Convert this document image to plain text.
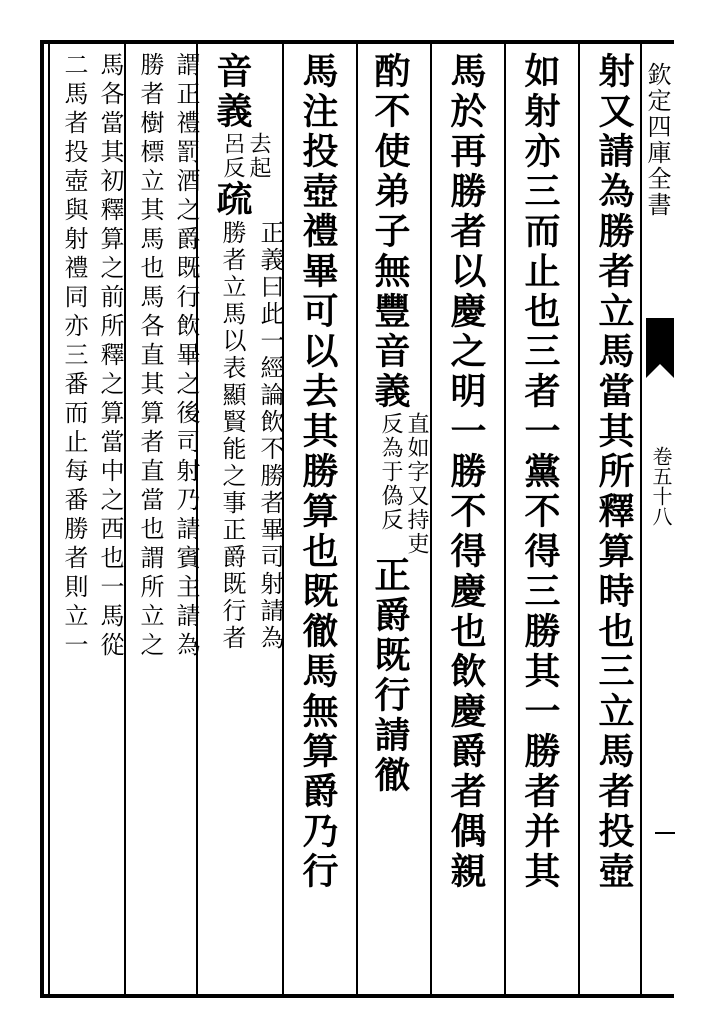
欽定四庫全書
卷五十八
射又請為勝者立馬當其所釋算時也三立馬者投壺
如射亦三而止也三者一黨不得三勝其一勝者并其
馬於再勝者以慶之明一勝不得慶也飲慶爵者偶親
酌不使弟子無豐音義直如字又持吏
反為于偽反正爵既行請徹
馬注投壺禮畢可以去其勝算也既徹馬無算爵乃行
音義去起
呂反疏正義曰此一經論飲不勝者畢司射請為
勝者立馬以表顯賢能之事正爵既行者
謂正禮罰酒之爵既行飲畢之後司射乃請賓主請為
勝者樹標立其馬也馬各直其算者直當也謂所立之
馬各當其初釋算之前所釋之算當中之西也一馬從
二馬者投壺與射禮同亦三番而止每番勝者則立一
